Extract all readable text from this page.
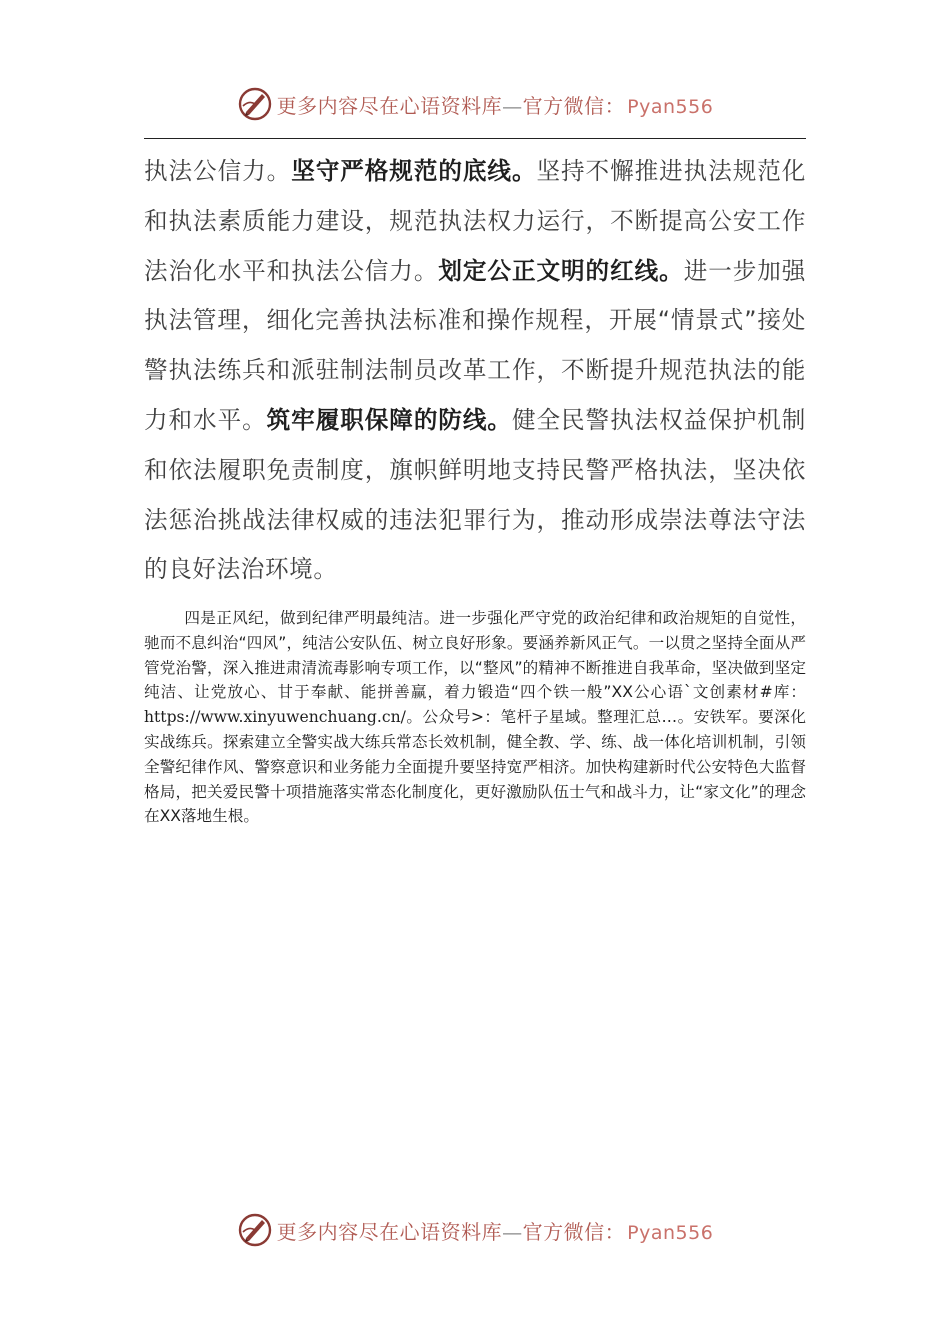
更多内容尽在心语资料库—官方微信： Pyan556
执法公信力。坚守严格规范的底线。坚持不懈推进执法规范化和执法素质能力建设，规范执法权力运行，不断提高公安工作法治化水平和执法公信力。划定公正文明的红线。进一步加强执法管理，细化完善执法标准和操作规程，开展“情景式”接处警执法练兵和派驻制法制员改革工作，不断提升规范执法的能力和水平。筑牢履职保障的防线。健全民警执法权益保护机制和依法履职免责制度，旗帜鲜明地支持民警严格执法，坚决依法惩治挑战法律权威的违法犯罪行为，推动形成崇法尊法守法的良好法治环境。
四是正风纪，做到纪律严明最纯洁。进一步强化严守党的政治纪律和政治规矩的自觉性，驰而不息纠治“四风”，纯洁公安队伍、树立良好形象。要涵养新风正气。一以贯之坚持全面从严管党治警，深入推进肃清流毒影响专项工作，以“整风”的精神不断推进自我革命，坚决做到坚定纯洁、让党放心、甘于奉献、能拼善赢，着力锻造“四个铁一般”XX公心语`文创素材#库：https://www.xinyuwenchuang.cn/。公众号>：笔杆子星域。整理汇总…。安铁军。要深化实战练兵。探索建立全警实战大练兵常态长效机制，健全教、学、练、战一体化培训机制，引领全警纪律作风、警察意识和业务能力全面提升要坚持宽严相济。加快构建新时代公安特色大监督格局，把关爱民警十项措施落实常态化制度化，更好激励队伍士气和战斗力，让“家文化”的理念在XX落地生根。
更多内容尽在心语资料库—官方微信： Pyan556
